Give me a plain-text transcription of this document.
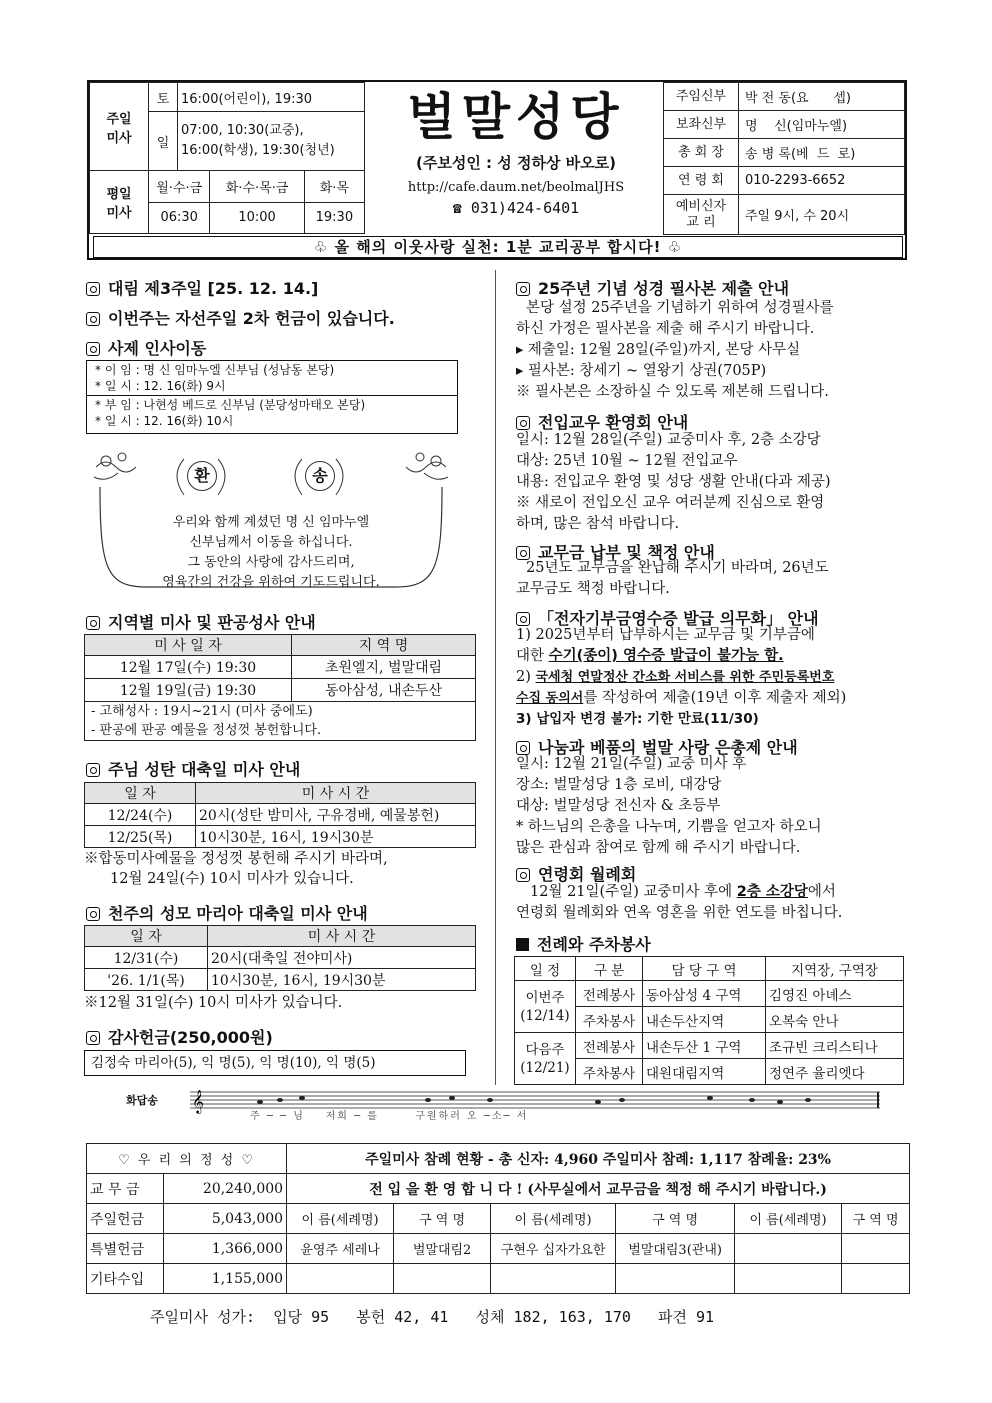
주일
미사	토	16:00(어린이), 19:30		
	일	07:00, 10:30(교중),
16:00(학생), 19:30(청년)		

평일
미사	월·수·금		화·수·목·금	화·목
	06:30		10:00	19:30
벌말성당
(주보성인 : 성 정하상 바오로)
http://cafe.daum.net/beolmalJHS
☎ 031)424-6401
주임신부	박 전 동(요      셉)
보좌신부	명    신(임마누엘)
총 회 장	송 병 록(베  드  로)
연 령 회	010-2293-6652
예비신자
교 리	주일 9시, 수 20시
♧ 올 해의 이웃사랑 실천: 1분 교리공부 합시다! ♧
대림 제3주일 [25. 12. 14.]
이번주는 자선주일 2차 헌금이 있습니다.
사제 인사이동
* 이 임 : 명 신 임마누엘 신부님 (성남동 본당)
* 일 시 : 12. 16(화) 9시
* 부 임 : 나현성 베드로 신부님 (분당성마태오 본당)
* 일 시 : 12. 16(화) 10시
환	송
우리와 함께 계셨던 명 신 임마누엘
신부님께서 이동을 하십니다.
그 동안의 사랑에 감사드리며,
영육간의 건강을 위하여 기도드립니다.
지역별 미사 및 판공성사 안내
미 사 일 자	지 역 명
12월 17일(수) 19:30	초원엘지, 벌말대림
12월 19일(금) 19:30	동아삼성, 내손두산

- 고해성사 : 19시~21시 (미사 중에도)
- 판공에 판공 예물을 정성껏 봉헌합니다.	
주님 성탄 대축일 미사 안내
일 자	미 사 시 간
12/24(수)	20시(성탄 밤미사, 구유경배, 예물봉헌)
12/25(목)	10시30분, 16시, 19시30분
※합동미사예물을 정성껏 봉헌해 주시기 바라며,
12월 24일(수) 10시 미사가 있습니다.
천주의 성모 마리아 대축일 미사 안내
일 자	미 사 시 간
12/31(수)	20시(대축일 전야미사)
'26. 1/1(목)	10시30분, 16시, 19시30분
※12월 31일(수) 10시 미사가 있습니다.
감사헌금(250,000원)
김정숙 마리아(5), 익 명(5), 익 명(10), 익 명(5)
25주년 기념 성경 필사본 제출 안내
본당 설정 25주년을 기념하기 위하여 성경필사를
하신 가정은 필사본을 제출 해 주시기 바랍니다.
▸ 제출일: 12월 28일(주일)까지, 본당 사무실
▸ 필사본: 창세기 ~ 열왕기 상권(705P)
※ 필사본은 소장하실 수 있도록 제본해 드립니다.
전입교우 환영회 안내
일시: 12월 28일(주일) 교중미사 후, 2층 소강당
대상: 25년 10월 ~ 12월 전입교우
내용: 전입교우 환영 및 성당 생활 안내(다과 제공)
※ 새로이 전입오신 교우 여러분께 진심으로 환영
하며, 많은 참석 바랍니다.
교무금 납부 및 책정 안내
25년도 교무금을 완납해 주시기 바라며, 26년도
교무금도 책정 바랍니다.
「전자기부금영수증 발급 의무화」 안내
1) 2025년부터 납부하시는 교무금 및 기부금에
대한 수기(종이) 영수증 발급이 불가능 함.
2) 국세청 연말정산 간소화 서비스를 위한 주민등록번호
수집 동의서를 작성하여 제출(19년 이후 제출자 제외)
3) 납입자 변경 불가: 기한 만료(11/30)
나눔과 베품의 벌말 사랑 은총제 안내
일시: 12월 21일(주일) 교중 미사 후
장소: 벌말성당 1층 로비, 대강당
대상: 벌말성당 전신자 & 초등부
* 하느님의 은총을 나누며, 기쁨을 얻고자 하오니
많은 관심과 참여로 함께 해 주시기 바랍니다.
연령회 월례회
12월 21일(주일) 교중미사 후에 2층 소강당에서
연령회 월례회와 연옥 영혼을 위한 연도를 바칩니다.
전례와 주차봉사
일 정	구 분	담 당 구 역	지역장, 구역장
이번주
(12/14)	전례봉사	동아삼성 4 구역	김영진 아녜스
	주차봉사	내손두산지역	오복숙 안나
다음주
(12/21)	전례봉사	내손두산 1 구역	조규빈 크리스티나
	주차봉사	대원대림지역	정연주 율리엣다
화답송 𝄞
주 ─ ─ 님    저희 ─ 를       구원하러 오 ─소─ 서
♡ 우 리 의 정 성 ♡		주일미사 참례 현황 - 총 신자: 4,960 주일미사 참례: 1,117 참례율: 23%					
교 무 금	20,240,000	전 입 을 환 영 합 니 다 ! (사무실에서 교무금을 책정 해 주시기 바랍니다.)					
주일헌금	5,043,000	이 름(세례명)	구 역 명	이 름(세례명)	구 역 명	이 름(세례명)	구 역 명
특별헌금	1,366,000	윤영주 세레나	벌말대림2	구현우 십자가요한	벌말대림3(관내)		
기타수입	1,155,000						
주일미사 성가:  입당 95   봉헌 42, 41   성체 182, 163, 170   파견 91
